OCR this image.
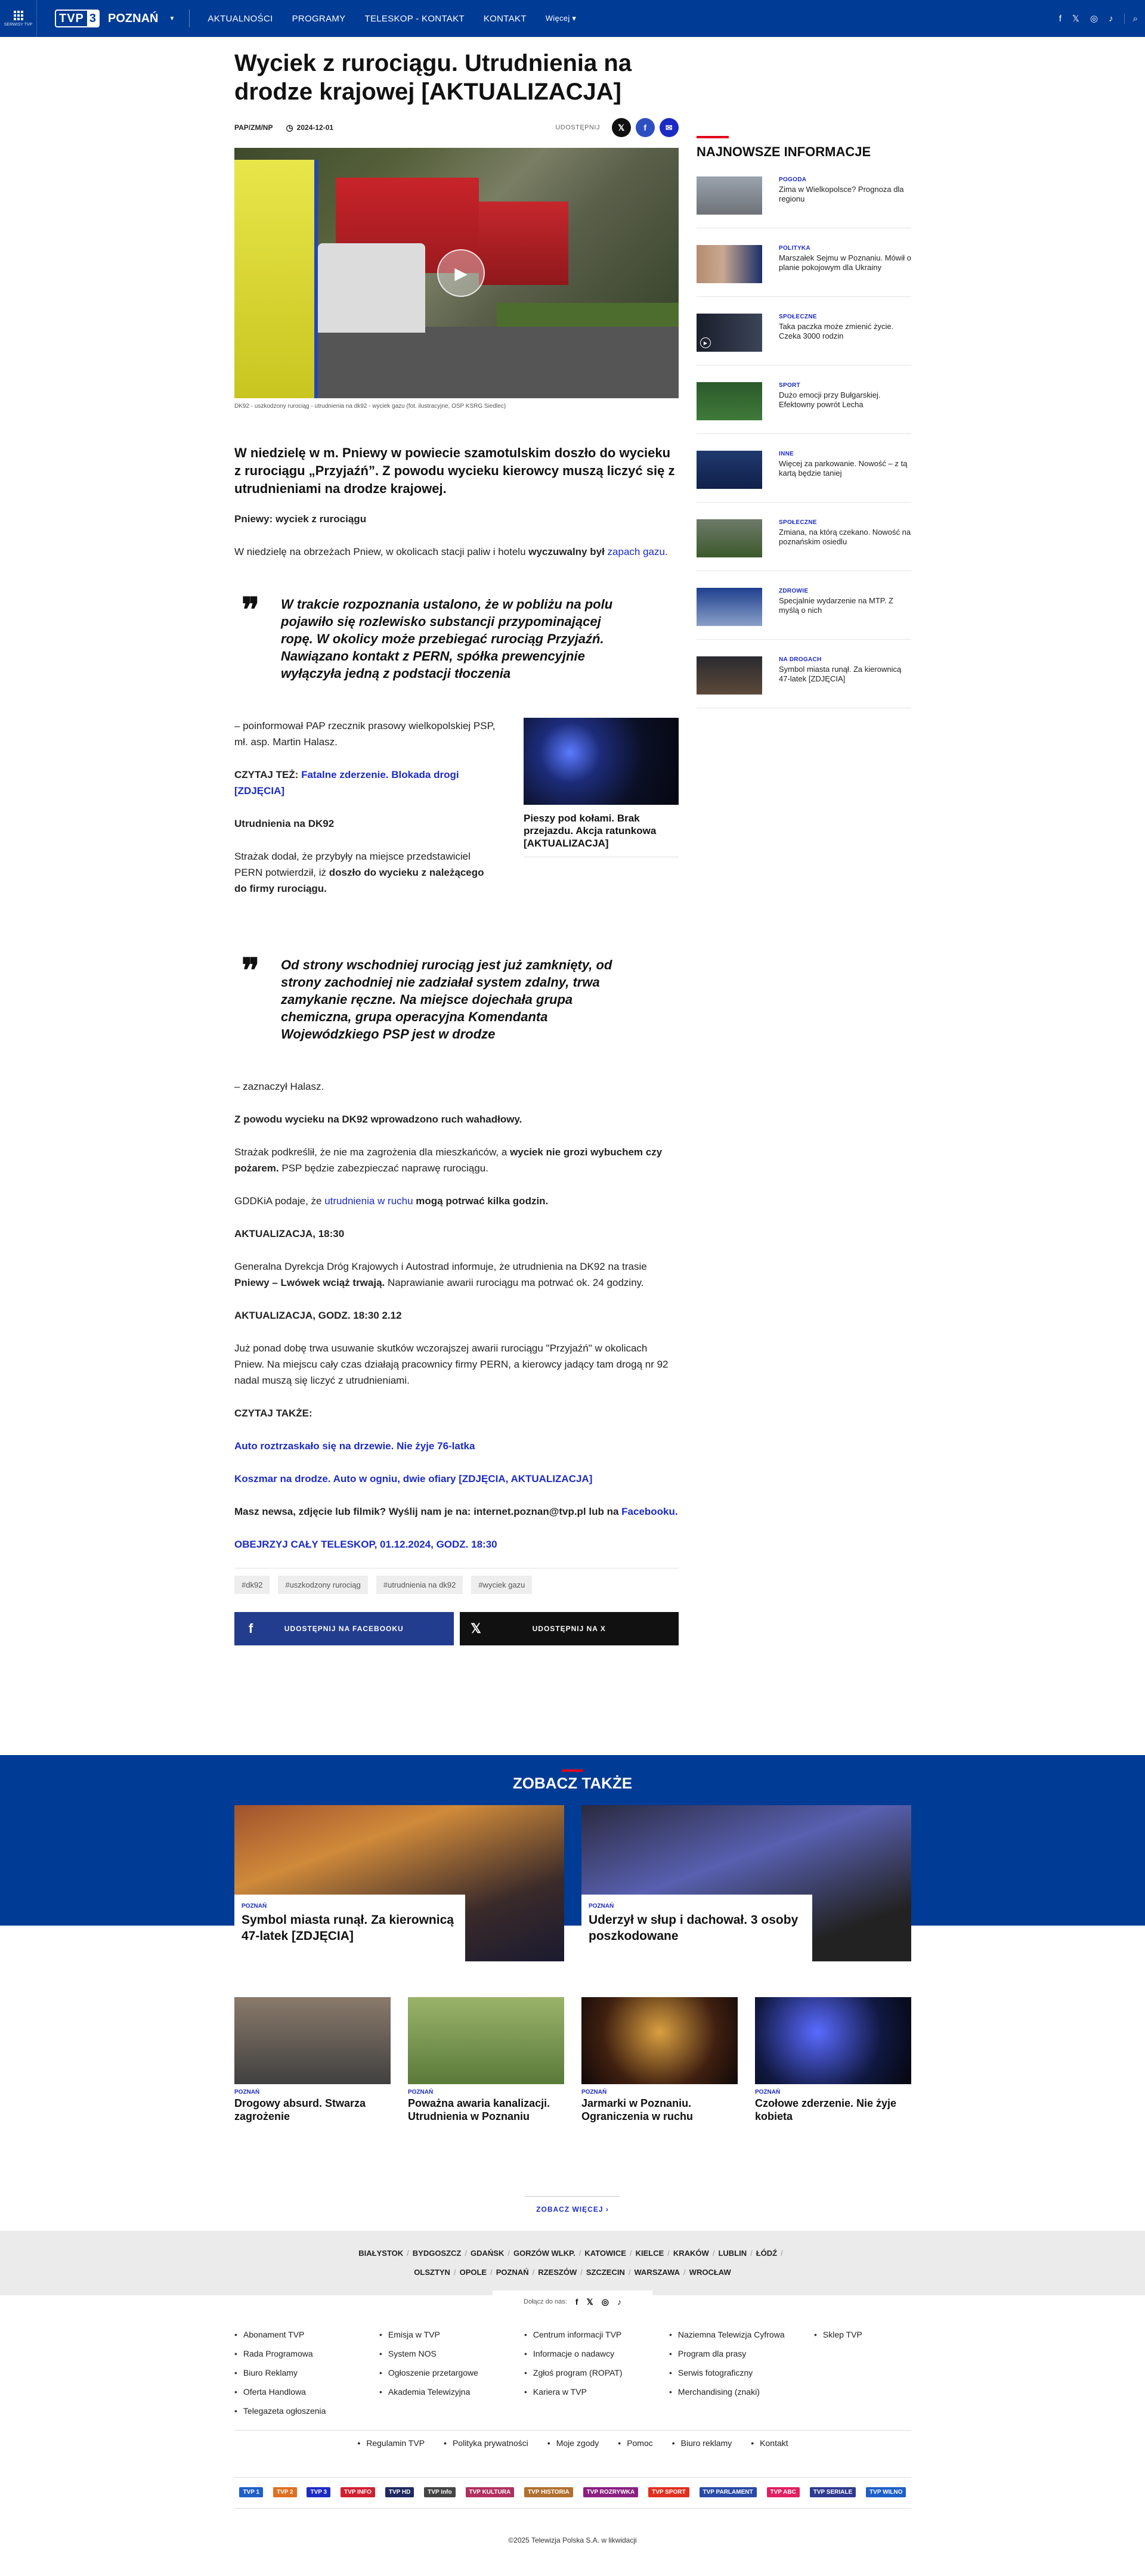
SERWISY TVP TVP 3 POZNAŃ ▼	AKTUALNOŚCI PROGRAMY TELESKOP - KONTAKT KONTAKT Więcej ▾	f 𝕏 ◎ ♪	⌕
Wyciek z rurociągu. Utrudnienia na drodze krajowej [AKTUALIZACJA]
PAP/ZM/NP ◷ 2024-12-01	UDOSTĘPNIJ	𝕏	f	✉
▶
DK92 - uszkodzony rurociąg - utrudnienia na dk92 - wyciek gazu (fot. ilustracyjne, OSP KSRG Siedlec)
W niedzielę w m. Pniewy w powiecie szamotulskim doszło do wycieku z rurociągu „Przyjaźń”. Z powodu wycieku kierowcy muszą liczyć się z utrudnieniami na drodze krajowej.
Pniewy: wyciek z rurociągu
W niedzielę na obrzeżach Pniew, w okolicach stacji paliw i hotelu wyczuwalny był zapach gazu.
❞ W trakcie rozpoznania ustalono, że w pobliżu na polu pojawiło się rozlewisko substancji przypominającej ropę. W okolicy może przebiegać rurociąg Przyjaźń. Nawiązano kontakt z PERN, spółka prewencyjnie wyłączyła jedną z podstacji tłoczenia
– poinformował PAP rzecznik prasowy wielkopolskiej PSP, mł. asp. Martin Halasz.
CZYTAJ TEŻ: Fatalne zderzenie. Blokada drogi [ZDJĘCIA]
Utrudnienia na DK92
Strażak dodał, że przybyły na miejsce przedstawiciel PERN potwierdził, iż doszło do wycieku z należącego do firmy rurociągu.
Pieszy pod kołami. Brak przejazdu. Akcja ratunkowa [AKTUALIZACJA]
❞ Od strony wschodniej rurociąg jest już zamknięty, od strony zachodniej nie zadziałał system zdalny, trwa zamykanie ręczne. Na miejsce dojechała grupa chemiczna, grupa operacyjna Komendanta Wojewódzkiego PSP jest w drodze
– zaznaczył Halasz.
Z powodu wycieku na DK92 wprowadzono ruch wahadłowy.
Strażak podkreślił, że nie ma zagrożenia dla mieszkańców, a wyciek nie grozi wybuchem czy pożarem. PSP będzie zabezpieczać naprawę rurociągu.
GDDKiA podaje, że utrudnienia w ruchu mogą potrwać kilka godzin.
AKTUALIZACJA, 18:30
Generalna Dyrekcja Dróg Krajowych i Autostrad informuje, że utrudnienia na DK92 na trasie Pniewy – Lwówek wciąż trwają. Naprawianie awarii rurociągu ma potrwać ok. 24 godziny.
AKTUALIZACJA, GODZ. 18:30 2.12
Już ponad dobę trwa usuwanie skutków wczorajszej awarii rurociągu "Przyjaźń" w okolicach Pniew. Na miejscu cały czas działają pracownicy firmy PERN, a kierowcy jadący tam drogą nr 92 nadal muszą się liczyć z utrudnieniami.
CZYTAJ TAKŻE:
Auto roztrzaskało się na drzewie. Nie żyje 76-latka
Koszmar na drodze. Auto w ogniu, dwie ofiary [ZDJĘCIA, AKTUALIZACJA]
Masz newsa, zdjęcie lub filmik? Wyślij nam je na: internet.poznan@tvp.pl lub na Facebooku.
OBEJRZYJ CAŁY TELESKOP, 01.12.2024, GODZ. 18:30
#dk92	#uszkodzony rurociąg	#utrudnienia na dk92	#wyciek gazu
f	UDOSTĘPNIJ NA FACEBOOKU	𝕏	UDOSTĘPNIJ NA X
NAJNOWSZE INFORMACJE
POGODA
Zima w Wielkopolsce? Prognoza dla regionu
POLITYKA
Marszałek Sejmu w Poznaniu. Mówił o planie pokojowym dla Ukrainy
▶
SPOŁECZNE
Taka paczka może zmienić życie. Czeka 3000 rodzin
SPORT
Dużo emocji przy Bułgarskiej. Efektowny powrót Lecha
INNE
Więcej za parkowanie. Nowość – z tą kartą będzie taniej
SPOŁECZNE
Zmiana, na którą czekano. Nowość na poznańskim osiedlu
ZDROWIE
Specjalnie wydarzenie na MTP. Z myślą o nich
NA DROGACH
Symbol miasta runął. Za kierownicą 47-latek [ZDJĘCIA]
ZOBACZ TAKŻE
POZNAŃ
Symbol miasta runął. Za kierownicą 47-latek [ZDJĘCIA]
POZNAŃ
Uderzył w słup i dachował. 3 osoby poszkodowane
POZNAŃ
Drogowy absurd. Stwarza zagrożenie
POZNAŃ
Poważna awaria kanalizacji. Utrudnienia w Poznaniu
POZNAŃ
Jarmarki w Poznaniu. Ograniczenia w ruchu
POZNAŃ
Czołowe zderzenie. Nie żyje kobieta
ZOBACZ WIĘCEJ ›
BIAŁYSTOK / BYDGOSZCZ / GDAŃSK / GORZÓW WLKP. / KATOWICE / KIELCE / KRAKÓW / LUBLIN / ŁÓDŹ /
OLSZTYN / OPOLE / POZNAŃ / RZESZÓW / SZCZECIN / WARSZAWA / WROCŁAW
Dołącz do nas: f 𝕏 ◎ ♪
• Abonament TVP	• Emisja w TVP	• Centrum informacji TVP	• Naziemna Telewizja Cyfrowa	• Sklep TVP
• Rada Programowa	• System NOS	• Informacje o nadawcy	• Program dla prasy
• Biuro Reklamy	• Ogłoszenie przetargowe	• Zgłoś program (ROPAT)	• Serwis fotograficzny
• Oferta Handlowa	• Akademia Telewizyjna	• Kariera w TVP	• Merchandising (znaki)
• Telegazeta ogłoszenia
• Regulamin TVP	• Polityka prywatności	• Moje zgody	• Pomoc	• Biuro reklamy	• Kontakt
TVP 1	TVP 2	TVP 3	TVP INFO	TVP HD	TVP Info	TVP KULTURA	TVP HISTORIA	TVP ROZRYWKA	TVP SPORT	TVP PARLAMENT	TVP ABC	TVP SERIALE	TVP WILNO
©2025 Telewizja Polska S.A. w likwidacji
